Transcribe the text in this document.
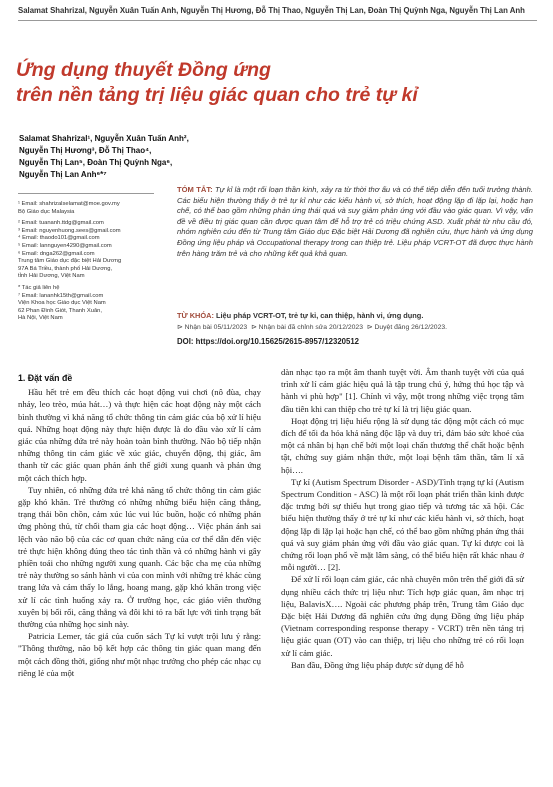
Salamat Shahrizal, Nguyễn Xuân Tuấn Anh, Nguyễn Thị Hương, Đỗ Thị Thao, Nguyễn Thị Lan, Đoàn Thị Quỳnh Nga, Nguyễn Thị Lan Anh
Ứng dụng thuyết Đồng ứng
trên nền tảng trị liệu giác quan cho trẻ tự kỉ
Salamat Shahrizal¹, Nguyễn Xuân Tuấn Anh²,
Nguyễn Thị Hương³, Đỗ Thị Thao⁴,
Nguyễn Thị Lan⁵, Đoàn Thị Quỳnh Nga⁶,
Nguyễn Thị Lan Anh⁶*⁷
¹ Email: shahrizalselamat@moe.gov.my
Bộ Giáo dục Malaysia
² Email: tuananh.ttdg@gmail.com
³ Email: nguyenhuong.sees@gmail.com
⁴ Email: thaodo101@gmail.com
⁵ Email: lannguyen4290@gmail.com
⁶ Email: dnga262@gmail.com
Trung tâm Giáo dục đặc biệt Hải Dương
97A Bá Triều, thành phố Hải Dương,
tỉnh Hải Dương, Việt Nam
* Tác giả liên hệ
⁷ Email: lananhk15th@gmail.com
Viện Khoa học Giáo dục Việt Nam
62 Phan Đình Giót, Thanh Xuân,
Hà Nội, Việt Nam
TÓM TẮT: Tự kỉ là một rối loạn thần kinh, xảy ra từ thời thơ ấu và có thể tiếp diễn đến tuổi trưởng thành. Các biểu hiện thường thấy ở trẻ tự kỉ như các kiểu hành vi, sở thích, hoạt động lặp đi lặp lại, hoặc hạn chế, có thể bao gồm những phản ứng thái quá và suy giảm phản ứng với đầu vào giác quan. Vì vậy, vấn đề về điều trị giác quan cần được quan tâm để hỗ trợ trẻ có triệu chứng ASD. Xuất phát từ nhu cầu đó, nhóm nghiên cứu đến từ Trung tâm Giáo dục Đặc biệt Hải Dương đã nghiên cứu, thực hành và ứng dụng Đồng ứng liệu pháp và Occupational therapy trong can thiệp trẻ. Liệu pháp VCRT-OT đã được thực hành trên hàng trăm trẻ và cho những kết quả khả quan.
TỪ KHÓA: Liệu pháp VCRT-OT, trẻ tự kỉ, can thiệp, hành vi, ứng dụng.
⊳ Nhận bài 05/11/2023 ⊳ Nhận bài đã chỉnh sửa 20/12/2023 ⊳ Duyệt đăng 26/12/2023.
DOI: https://doi.org/10.15625/2615-8957/12320512
1. Đặt vấn đề

Hầu hết trẻ em đều thích các hoạt động vui chơi (nô đùa, chạy nhảy, leo trèo, múa hát…) và thực hiện các hoạt động này một cách bình thường vì khả năng tổ chức thông tin cảm giác của bộ xử lí hiệu quả. Những hoạt động này thực hiện được là do đầu vào xử lí cảm giác của những đứa trẻ này hoàn toàn bình thường. Não bộ tiếp nhận những thông tin cảm giác về xúc giác, chuyển động, thị giác, âm thanh từ các giác quan phản ánh thế giới xung quanh và phản ứng một cách thích hợp.

Tuy nhiên, có những đứa trẻ khả năng tổ chức thông tin cảm giác gặp khó khăn. Trẻ thường có những những biểu hiện căng thẳng, trạng thái bồn chồn, cảm xúc lúc vui lúc buồn, hoặc có những phản ứng phòng thủ, từ chối tham gia các hoạt động… Việc phản ánh sai lệch vào não bộ của các cơ quan chức năng của cơ thể dẫn đến việc trẻ thực hiện không đúng theo tác tình thần và có những hành vi gây phiền toái cho những người xung quanh. Các bậc cha mẹ của những trẻ này thường so sánh hành vi của con mình với những trẻ khác cùng trang lứa và cảm thấy lo lắng, hoang mang, gặp khó khăn trong việc xử lí các tình huống xảy ra. Ở trường học, các giáo viên thường xuyên bị bối rối, căng thẳng và đôi khi tỏ ra bất lực với tình trạng bất thường của những học sinh này.

Patricia Lemer, tác giả của cuốn sách Tự kỉ vượt trội lưu ý rằng: "Thông thường, não bộ kết hợp các thông tin giác quan mang đến một cách đồng thời, giống như một nhạc trưởng cho phép các nhạc cụ riêng lẻ của một

dàn nhạc tạo ra một âm thanh tuyệt vời. Âm thanh tuyệt vời của quá trình xử lí cảm giác hiệu quả là tập trung chú ý, hứng thú học tập và hành vi phù hợp" [1]. Chính vì vậy, một trong những việc trọng tâm đầu tiên khi can thiệp cho trẻ tự kỉ là trị liệu giác quan.

Hoạt động trị liệu hiểu rộng là sử dụng tác động một cách có mục đích để tối đa hóa khả năng độc lập và duy trì, đảm bảo sức khoẻ của một cá nhân bị hạn chế bởi một loại chấn thương thể chất hoặc bệnh tật, chứng suy giảm nhận thức, một loại bệnh tâm thần, tâm lí xã hội….

Tự kỉ (Autism Spectrum Disorder - ASD)/Tình trạng tự kỉ (Autism Spectrum Condition - ASC) là một rối loạn phát triển thần kinh được đặc trưng bởi sự thiếu hụt trong giao tiếp và tương tác xã hội. Các biểu hiện thường thấy ở trẻ tự kỉ như các kiểu hành vi, sở thích, hoạt động lặp đi lặp lại hoặc hạn chế, có thể bao gồm những phản ứng thái quá và suy giảm phản ứng với đầu vào giác quan. Tự kỉ được coi là chứng rối loạn phổ về mặt lâm sàng, có thể biểu hiện rất khác nhau ở mỗi người… [2].

Để xử lí rối loạn cảm giác, các nhà chuyên môn trên thế giới đã sử dụng nhiều cách thức trị liệu như: Tích hợp giác quan, âm nhạc trị liệu, BalavisX…. Ngoài các phương pháp trên, Trung tâm Giáo dục Đặc biệt Hải Dương đã nghiên cứu ứng dụng Đồng ứng liệu pháp (Vietnam corresponding response therapy - VCRT) trên nền tảng trị liệu giác quan (OT) vào can thiệp, trị liệu cho những trẻ có rối loạn xử lí cảm giác.

Ban đầu, Đồng ứng liệu pháp được sử dụng để hỗ
